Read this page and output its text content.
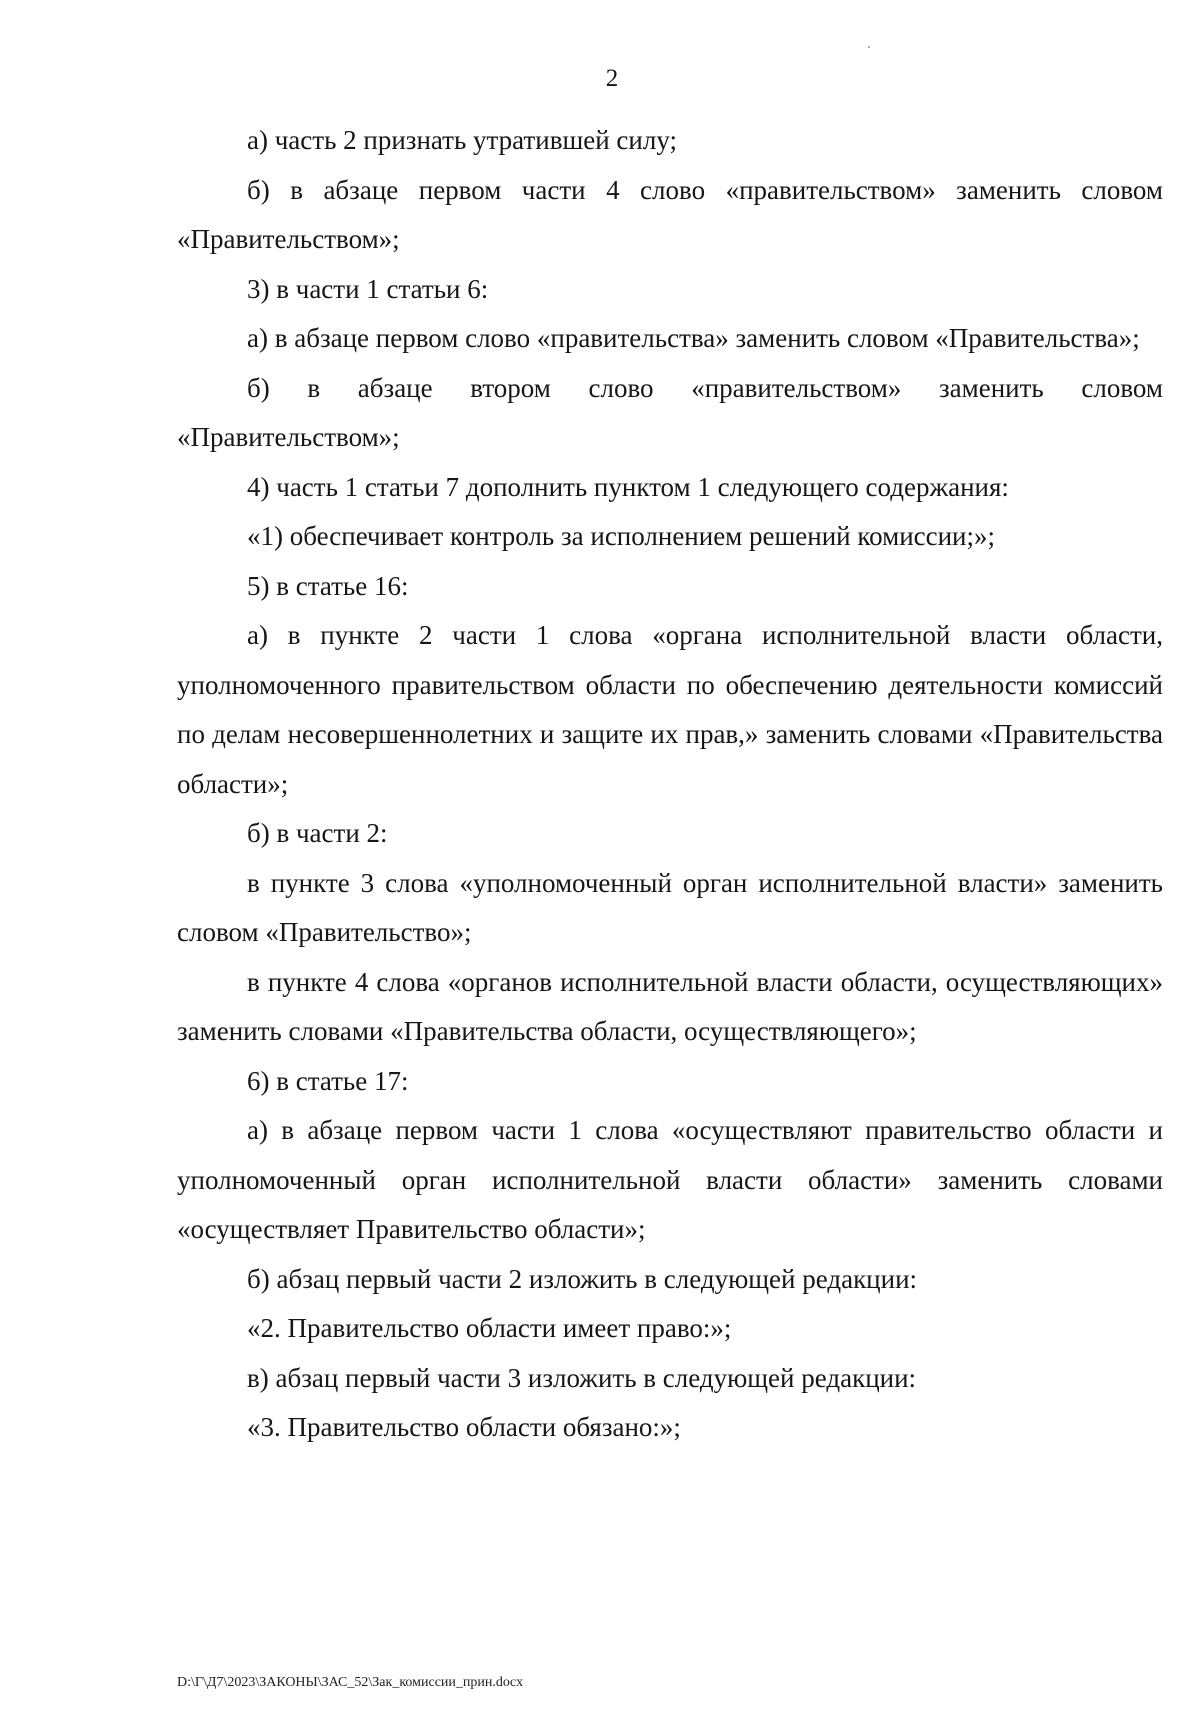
2

а) часть 2 признать утратившей силу;

б) в абзаце первом части 4 слово «правительством» заменить словом «Правительством»;

3) в части 1 статьи 6:

а) в абзаце первом слово «правительства» заменить словом «Правительства»;

б) в абзаце втором слово «правительством» заменить словом «Правительством»;

4) часть 1 статьи 7 дополнить пунктом 1 следующего содержания:

«1) обеспечивает контроль за исполнением решений комиссии;»;

5) в статье 16:

а) в пункте 2 части 1 слова «органа исполнительной власти области, уполномоченного правительством области по обеспечению деятельности комиссий по делам несовершеннолетних и защите их прав,» заменить словами «Правительства области»;

б) в части 2:

в пункте 3 слова «уполномоченный орган исполнительной власти» заменить словом «Правительство»;

в пункте 4 слова «органов исполнительной власти области, осуществляющих» заменить словами «Правительства области, осуществляющего»;

6) в статье 17:

а) в абзаце первом части 1 слова «осуществляют правительство области и уполномоченный орган исполнительной власти области» заменить словами «осуществляет Правительство области»;

б) абзац первый части 2 изложить в следующей редакции:

«2. Правительство области имеет право:»;

в) абзац первый части 3 изложить в следующей редакции:

«3. Правительство области обязано:»;

D:\Г\Д7\2023\ЗАКОНЫ\ЗАС_52\Зак_комиссии_прин.docx
